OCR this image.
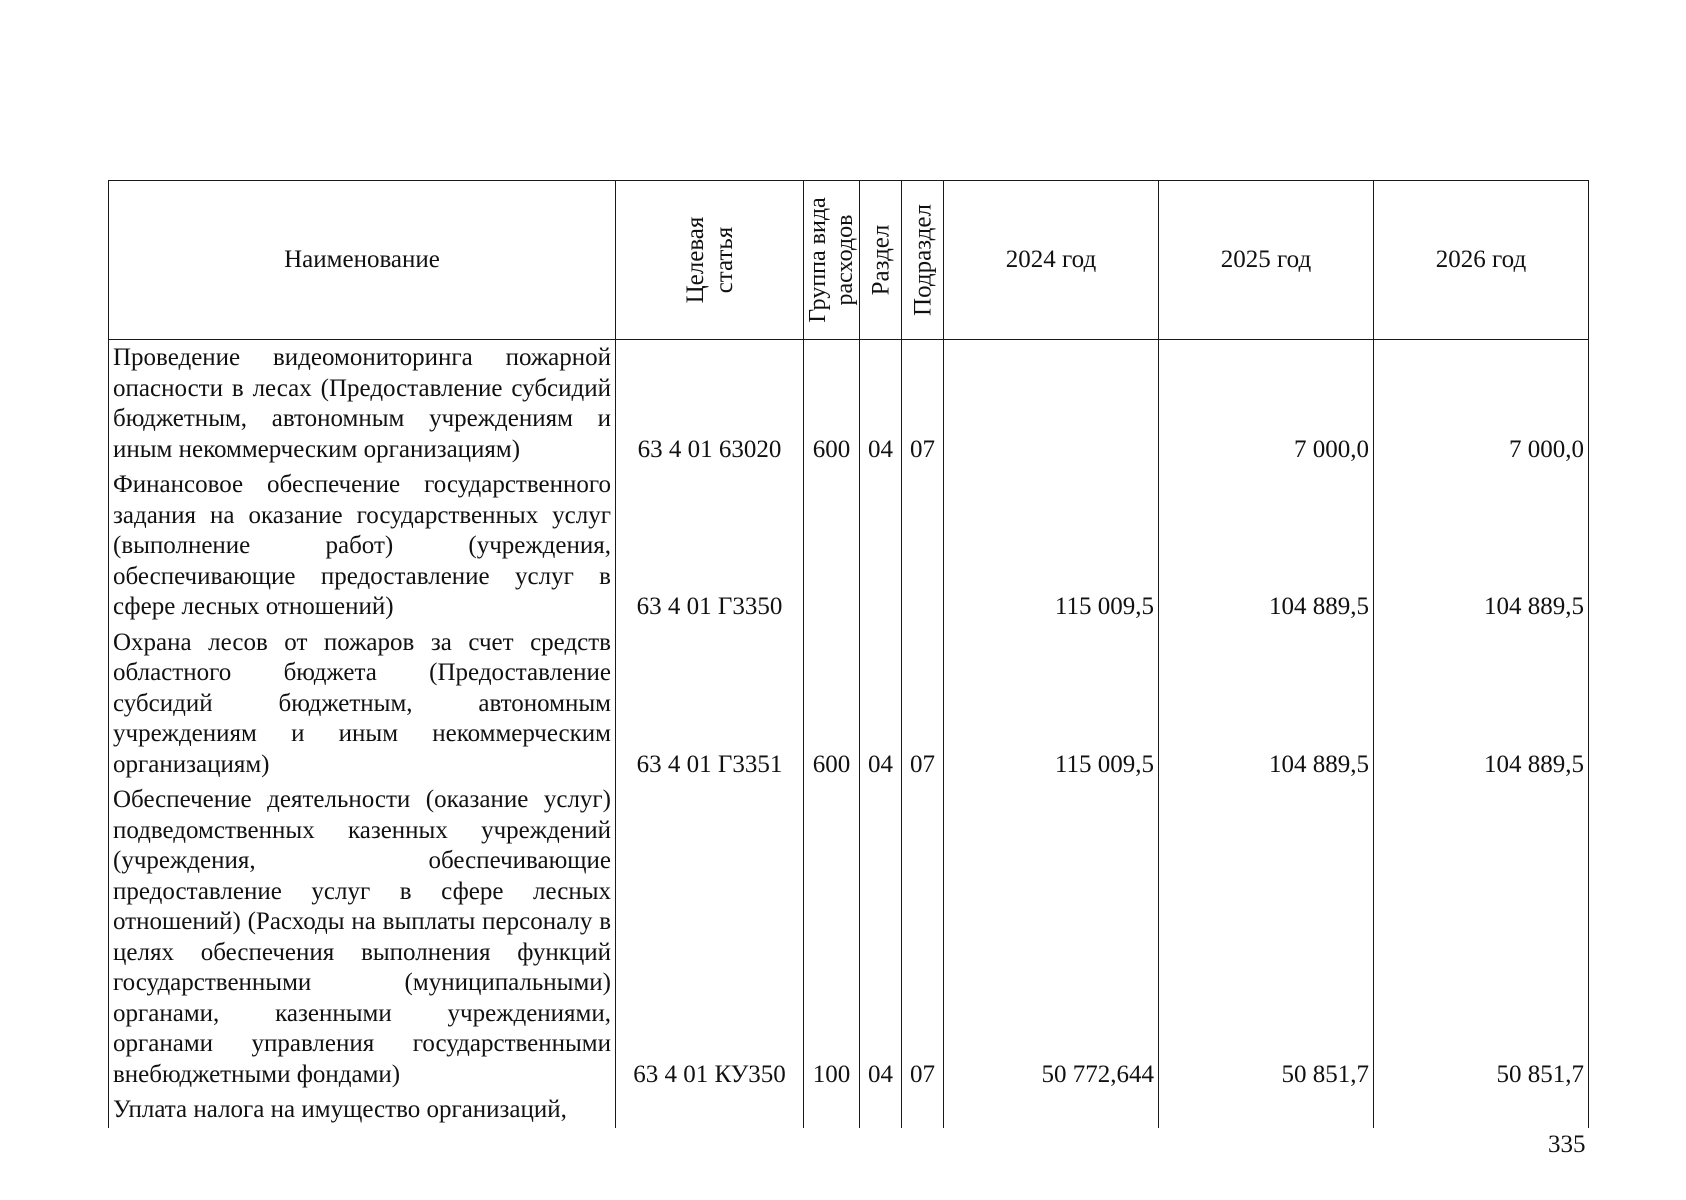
Наименование	Целевая статья	Группа вида расходов	Раздел	Подраздел	2024 год	2025 год	2026 год
Проведение видеомониторинга пожарной опасности в лесах (Предоставление субсидий бюджетным, автономным учреждениям и иным некоммерческим организациям)	63 4 01 63020	600	04	07		7 000,0	7 000,0
Финансовое обеспечение государственного задания на оказание государственных услуг (выполнение работ) (учреждения, обеспечивающие предоставление услуг в сфере лесных отношений)	63 4 01 Г3350				115 009,5	104 889,5	104 889,5
Охрана лесов от пожаров за счет средств областного бюджета (Предоставление субсидий бюджетным, автономным учреждениям и иным некоммерческим организациям)	63 4 01 Г3351	600	04	07	115 009,5	104 889,5	104 889,5
Обеспечение деятельности (оказание услуг) подведомственных казенных учреждений (учреждения, обеспечивающие предоставление услуг в сфере лесных отношений) (Расходы на выплаты персоналу в целях обеспечения выполнения функций государственными (муниципальными) органами, казенными учреждениями, органами управления государственными внебюджетными фондами)	63 4 01 КУ350	100	04	07	50 772,644	50 851,7	50 851,7
Уплата налога на имущество организаций,							
335
